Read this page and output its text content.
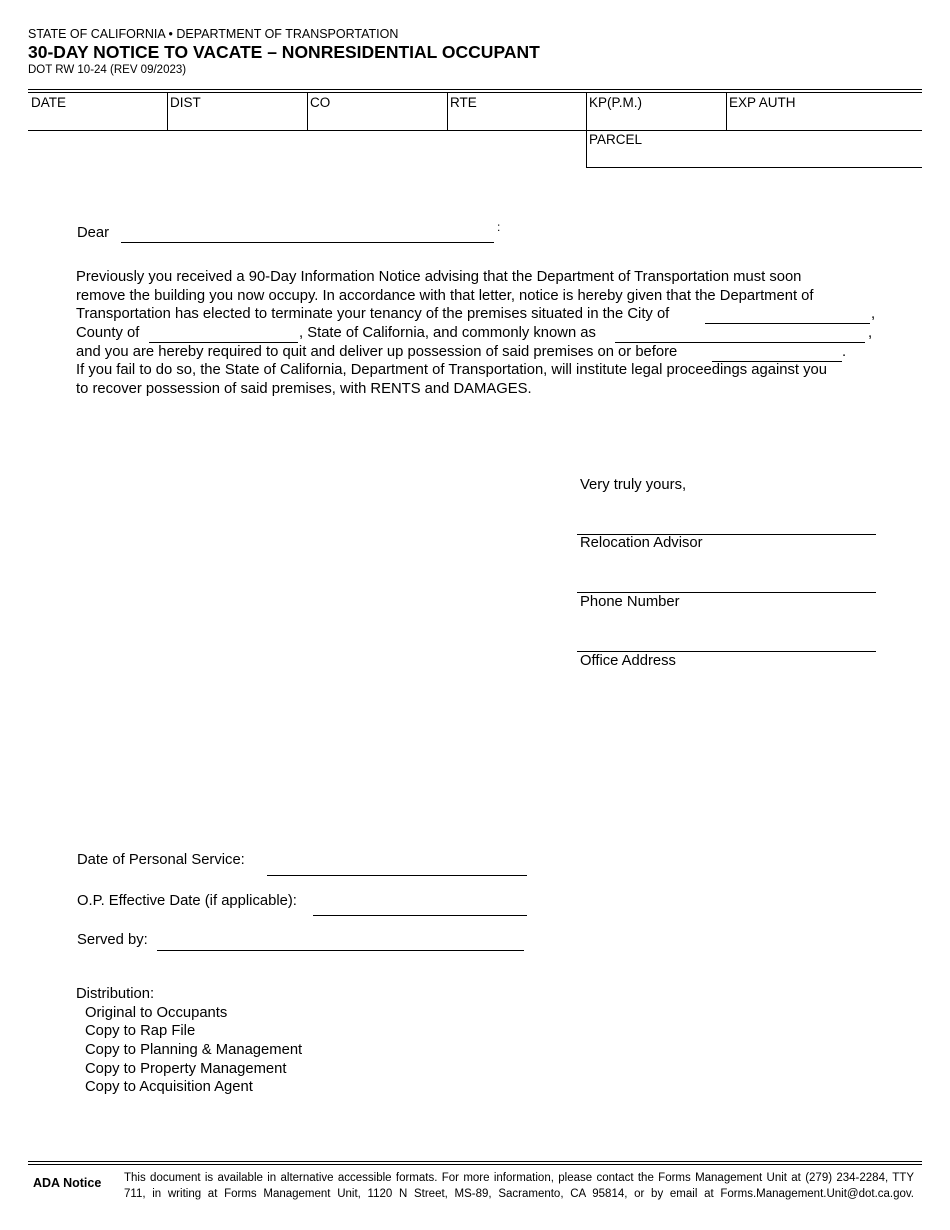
STATE OF CALIFORNIA • DEPARTMENT OF TRANSPORTATION
30-DAY NOTICE TO VACATE – NONRESIDENTIAL OCCUPANT
DOT RW 10-24 (REV 09/2023)
DATE	DIST	CO	RTE	KP(P.M.)	EXP AUTH
PARCEL
Dear	:
Previously you received a 90-Day Information Notice advising that the Department of Transportation must soon
remove the building you now occupy. In accordance with that letter, notice is hereby given that the Department of
Transportation has elected to terminate your tenancy of the premises situated in the City of	,
County of	, State of California, and commonly known as	,
and you are hereby required to quit and deliver up possession of said premises on or before	.
If you fail to do so, the State of California, Department of Transportation, will institute legal proceedings against you
to recover possession of said premises, with RENTS and DAMAGES.
Very truly yours,
Relocation Advisor
Phone Number
Office Address
Date of Personal Service:
O.P. Effective Date (if applicable):
Served by:
Distribution:
Original to Occupants
Copy to Rap File
Copy to Planning & Management
Copy to Property Management
Copy to Acquisition Agent
ADA Notice This document is available in alternative accessible formats. For more information, please contact the Forms Management Unit at (279) 234-2284, TTY 711, in writing at Forms Management Unit, 1120 N Street, MS-89, Sacramento, CA 95814, or by email at Forms.Management.Unit@dot.ca.gov.
